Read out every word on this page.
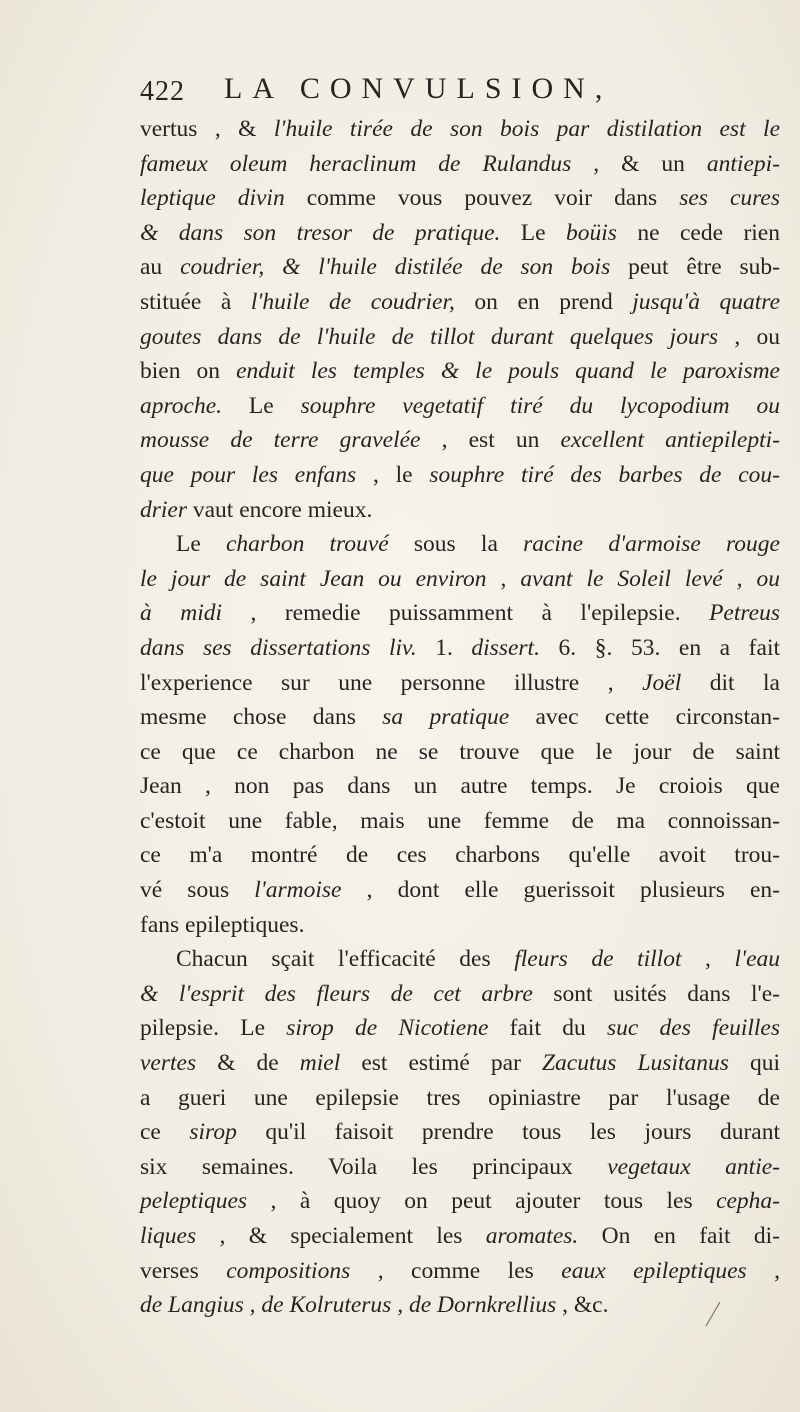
422 LA CONVULSION,
vertus , & l'huile tirée de son bois par distilation est le
fameux oleum heraclinum de Rulandus , & un antiepi-
leptique divin comme vous pouvez voir dans ses cures
& dans son tresor de pratique. Le boüis ne cede rien
au coudrier, & l'huile distilée de son bois peut être sub-
stituée à l'huile de coudrier, on en prend jusqu'à quatre
goutes dans de l'huile de tillot durant quelques jours , ou
bien on enduit les temples & le pouls quand le paroxisme
aproche. Le souphre vegetatif tiré du lycopodium ou
mousse de terre gravelée , est un excellent antiepilepti-
que pour les enfans , le souphre tiré des barbes de cou-
drier vaut encore mieux.
Le charbon trouvé sous la racine d'armoise rouge
le jour de saint Jean ou environ , avant le Soleil levé , ou
à midi , remedie puissamment à l'epilepsie. Petreus
dans ses dissertations liv. 1. dissert. 6. §. 53. en a fait
l'experience sur une personne illustre , Joël dit la
mesme chose dans sa pratique avec cette circonstan-
ce que ce charbon ne se trouve que le jour de saint
Jean , non pas dans un autre temps. Je croiois que
c'estoit une fable, mais une femme de ma connoissan-
ce m'a montré de ces charbons qu'elle avoit trou-
vé sous l'armoise , dont elle guerissoit plusieurs en-
fans epileptiques.
Chacun sçait l'efficacité des fleurs de tillot , l'eau
& l'esprit des fleurs de cet arbre sont usités dans l'e-
pilepsie. Le sirop de Nicotiene fait du suc des feuilles
vertes & de miel est estimé par Zacutus Lusitanus qui
a gueri une epilepsie tres opiniastre par l'usage de
ce sirop qu'il faisoit prendre tous les jours durant
six semaines. Voila les principaux vegetaux antie-
peleptiques , à quoy on peut ajouter tous les cepha-
liques , & specialement les aromates. On en fait di-
verses compositions , comme les eaux epileptiques ,
de Langius , de Kolruterus , de Dornkrellius , &c.
